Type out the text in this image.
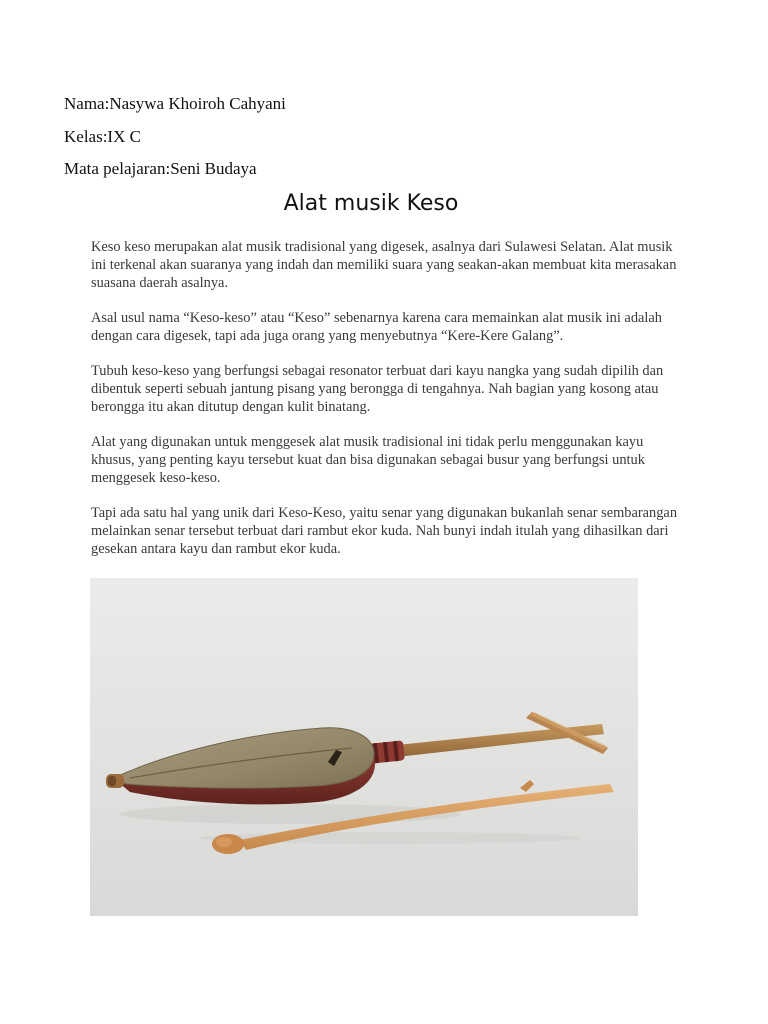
Nama:Nasywa Khoiroh Cahyani
Kelas:IX C
Mata pelajaran:Seni Budaya
Alat musik Keso

Keso keso merupakan alat musik tradisional yang digesek, asalnya dari Sulawesi Selatan. Alat musik ini terkenal akan suaranya yang indah dan memiliki suara yang seakan-akan membuat kita merasakan suasana daerah asalnya.

Asal usul nama “Keso-keso” atau “Keso” sebenarnya karena cara memainkan alat musik ini adalah dengan cara digesek, tapi ada juga orang yang menyebutnya “Kere-Kere Galang”.

Tubuh keso-keso yang berfungsi sebagai resonator terbuat dari kayu nangka yang sudah dipilih dan dibentuk seperti sebuah jantung pisang yang berongga di tengahnya. Nah bagian yang kosong atau berongga itu akan ditutup dengan kulit binatang.

Alat yang digunakan untuk menggesek alat musik tradisional ini tidak perlu menggunakan kayu khusus, yang penting kayu tersebut kuat dan bisa digunakan sebagai busur yang berfungsi untuk menggesek keso-keso.

Tapi ada satu hal yang unik dari Keso-Keso, yaitu senar yang digunakan bukanlah senar sembarangan melainkan senar tersebut terbuat dari rambut ekor kuda. Nah bunyi indah itulah yang dihasilkan dari gesekan antara kayu dan rambut ekor kuda.
